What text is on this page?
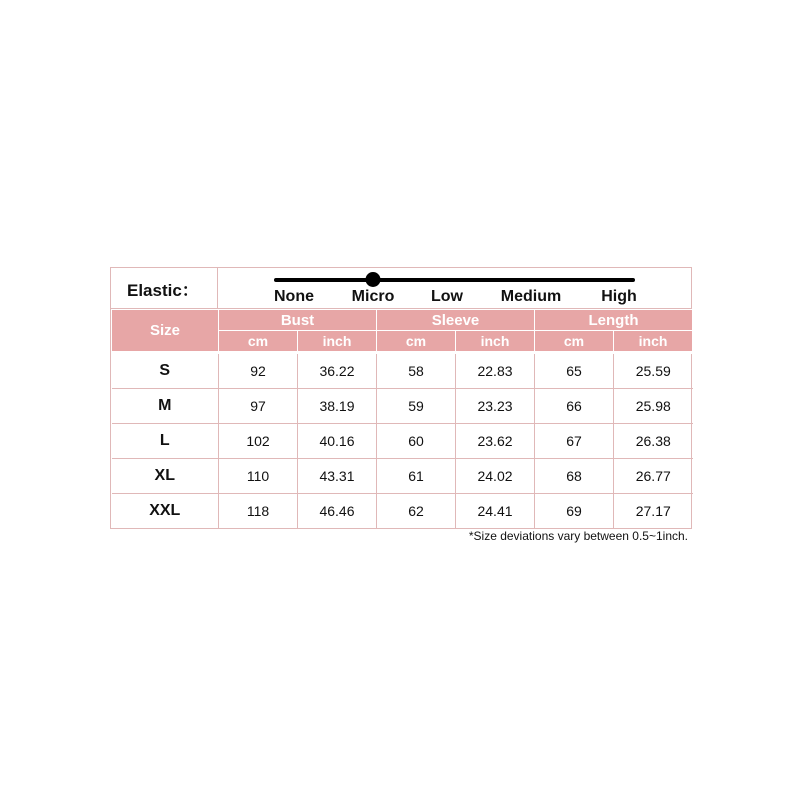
Elastic：	None Micro Low Medium	High
Size	Bust		Sleeve		Length	
	cm	inch	cm	inch	cm	inch
S	92	36.22	58	22.83	65	25.59
M	97	38.19	59	23.23	66	25.98
L	102	40.16	60	23.62	67	26.38
XL	110	43.31	61	24.02	68	26.77
XXL	118	46.46	62	24.41	69	27.17
*Size deviations vary between 0.5~1inch.
